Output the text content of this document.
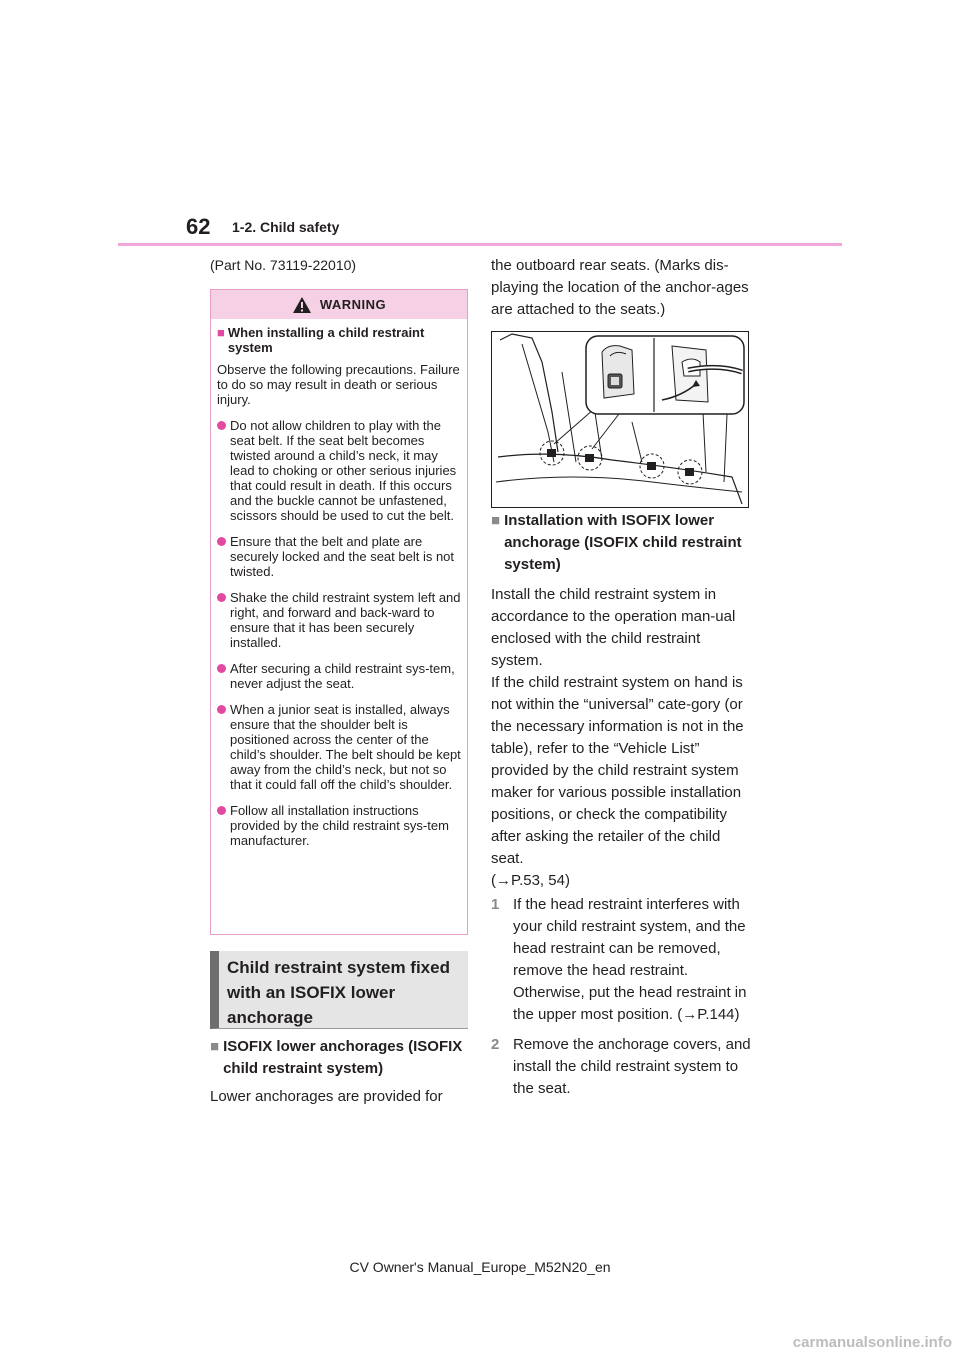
62 1-2. Child safety
(Part No. 73119-22010)
WARNING
■ When installing a child restraint system
Observe the following precautions. Failure to do so may result in death or serious injury.
Do not allow children to play with the seat belt. If the seat belt becomes twisted around a child’s neck, it may lead to choking or other serious injuries that could result in death. If this occurs and the buckle cannot be unfastened, scissors should be used to cut the belt.
Ensure that the belt and plate are securely locked and the seat belt is not twisted.
Shake the child restraint system left and right, and forward and back-ward to ensure that it has been securely installed.
After securing a child restraint sys-tem, never adjust the seat.
When a junior seat is installed, always ensure that the shoulder belt is positioned across the center of the child’s shoulder. The belt should be kept away from the child’s neck, but not so that it could fall off the child’s shoulder.
Follow all installation instructions provided by the child restraint sys-tem manufacturer.
Child restraint system fixed with an ISOFIX lower anchorage
■ ISOFIX lower anchorages (ISOFIX child restraint system)
Lower anchorages are provided for
the outboard rear seats. (Marks dis-playing the location of the anchor-ages are attached to the seats.)
■ Installation with ISOFIX lower anchorage (ISOFIX child restraint system)
Install the child restraint system in accordance to the operation man-ual enclosed with the child restraint system.
If the child restraint system on hand is not within the “universal” cate-gory (or the necessary information is not in the table), refer to the “Vehicle List” provided by the child restraint system maker for various possible installation positions, or check the compatibility after asking the retailer of the child seat.
(→P.53, 54)
1 If the head restraint interferes with your child restraint system, and the head restraint can be removed, remove the head restraint. Otherwise, put the head restraint in the upper most position. (→P.144)
2 Remove the anchorage covers, and install the child restraint system to the seat.
CV Owner's Manual_Europe_M52N20_en
carmanualsonline.info
